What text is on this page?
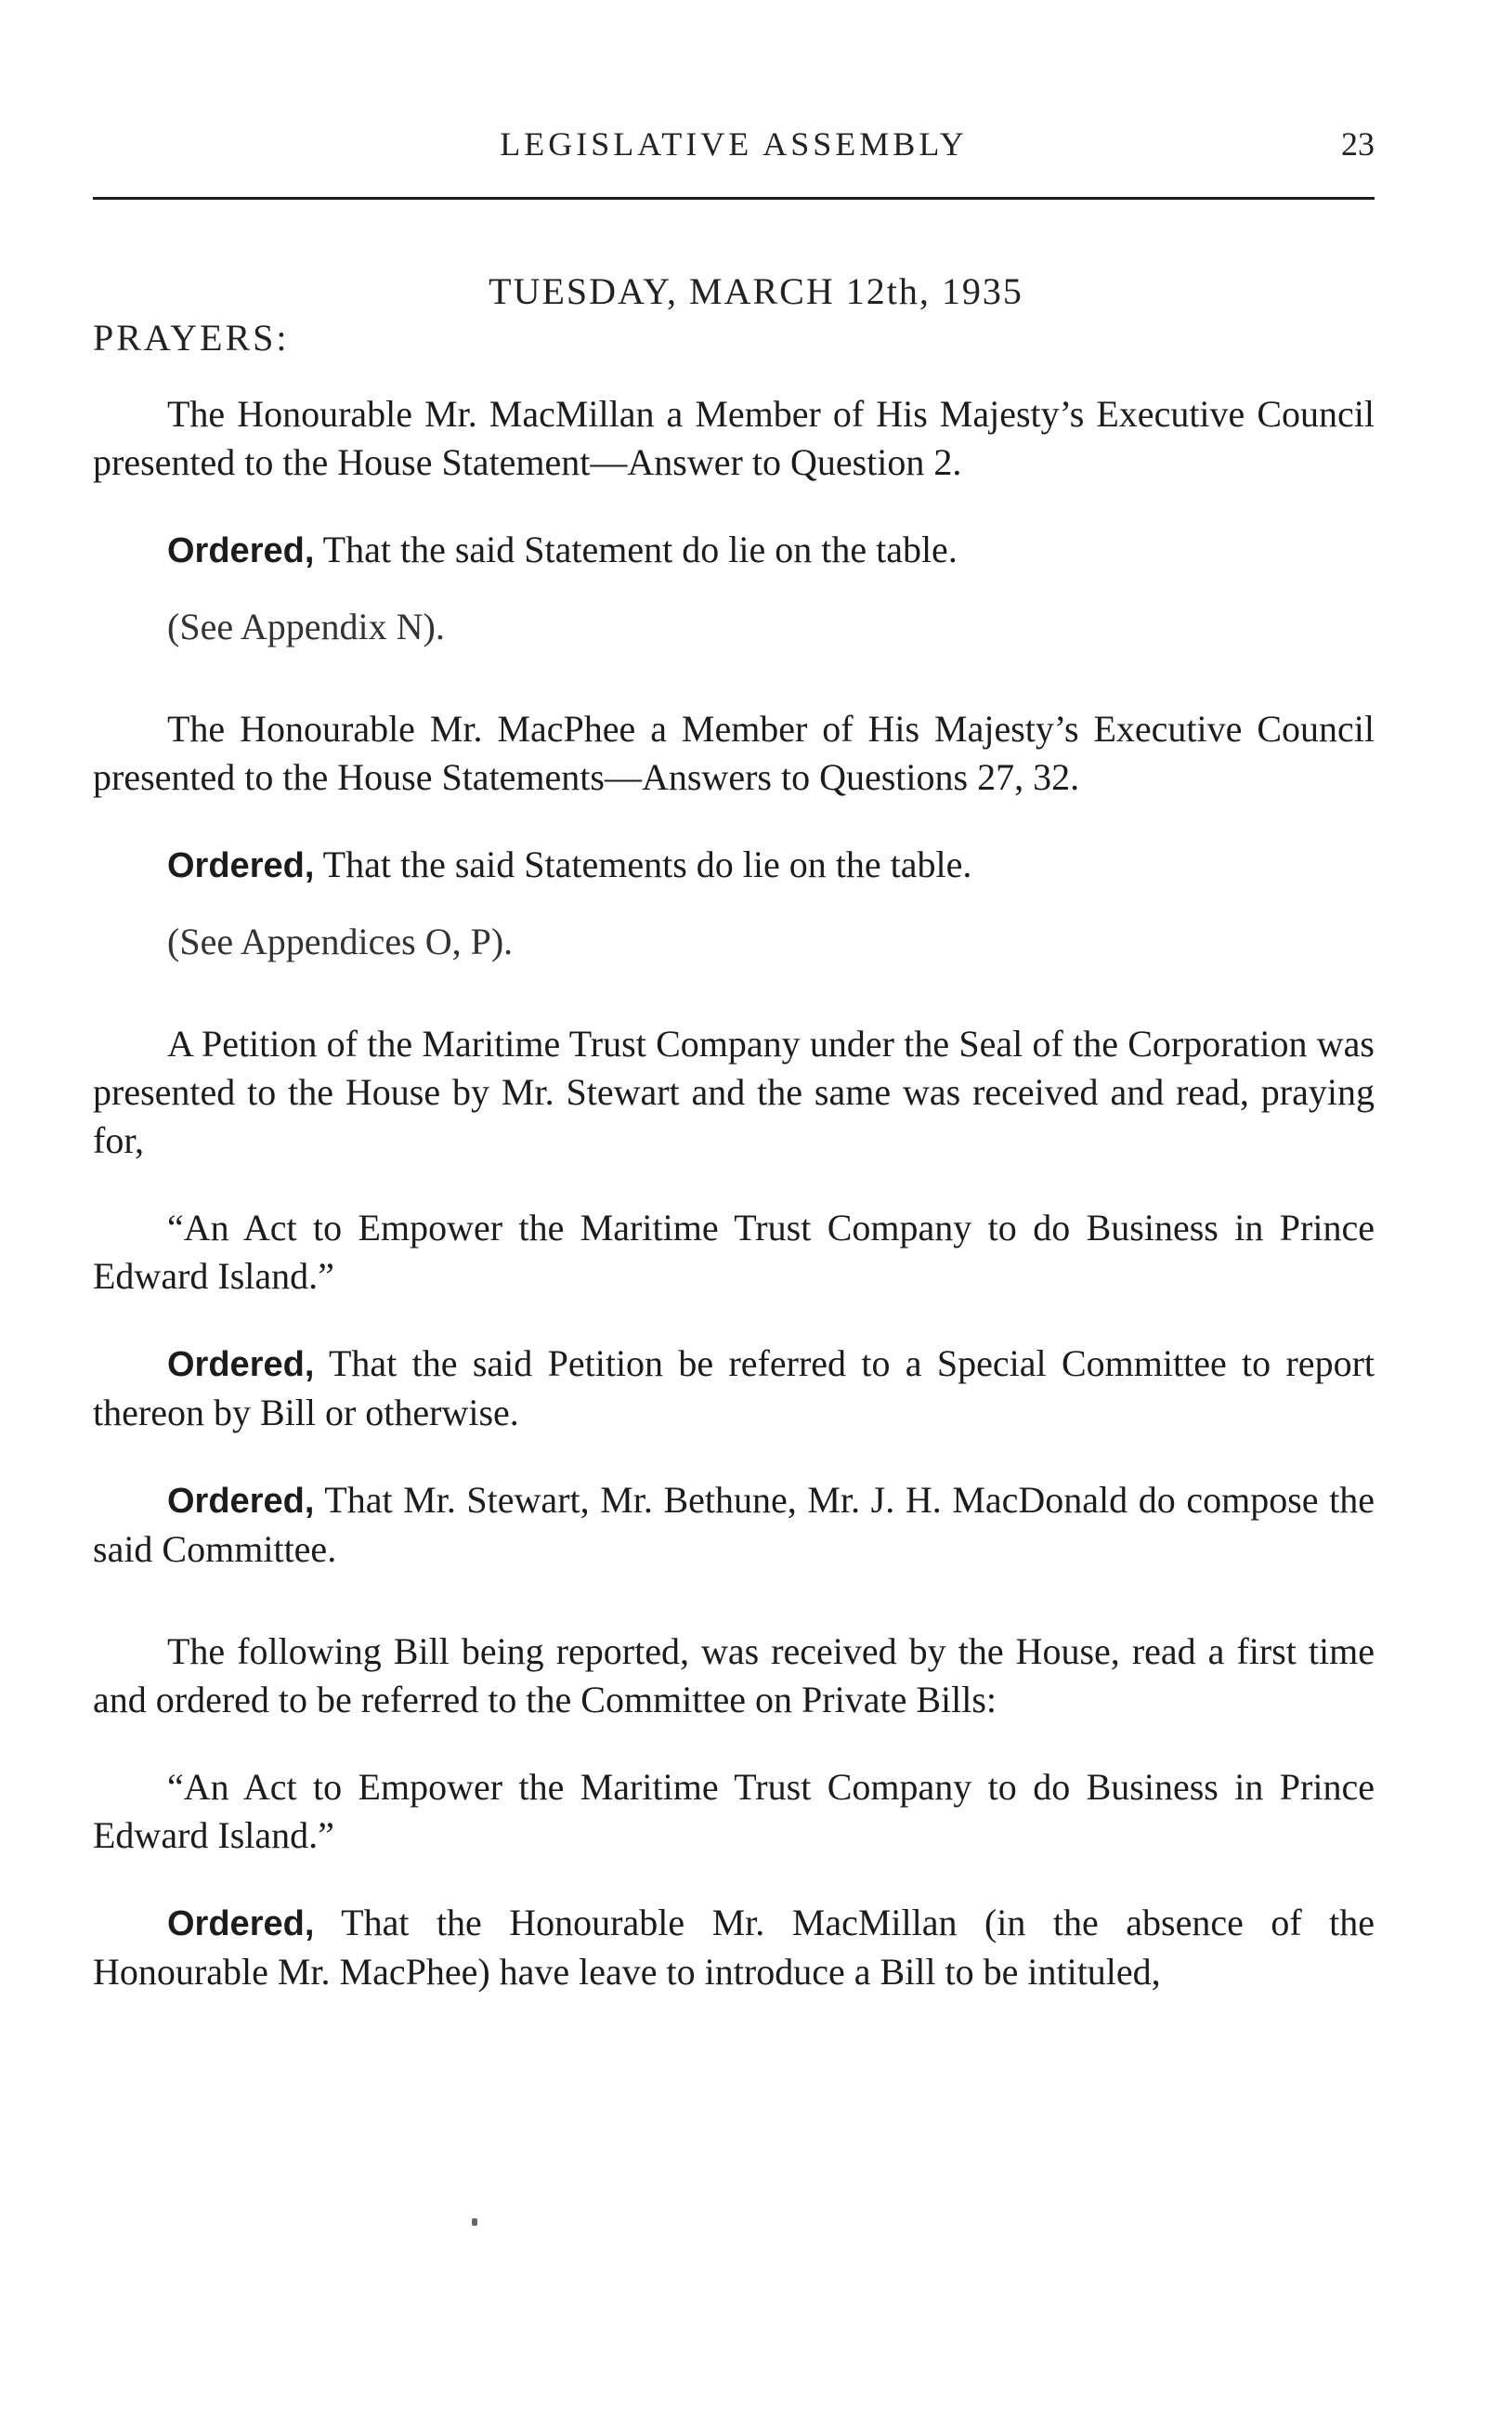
LEGISLATIVE ASSEMBLY	23
TUESDAY, MARCH 12th, 1935
PRAYERS:

The Honourable Mr. MacMillan a Member of His Majesty’s Executive Council presented to the House Statement—Answer to Question 2.

Ordered, That the said Statement do lie on the table.

(See Appendix N).

The Honourable Mr. MacPhee a Member of His Majesty’s Executive Council presented to the House Statements—Answers to Questions 27, 32.

Ordered, That the said Statements do lie on the table.

(See Appendices O, P).

A Petition of the Maritime Trust Company under the Seal of the Corporation was presented to the House by Mr. Stewart and the same was received and read, praying for,

“An Act to Empower the Maritime Trust Company to do Business in Prince Edward Island.”

Ordered, That the said Petition be referred to a Special Committee to report thereon by Bill or otherwise.

Ordered, That Mr. Stewart, Mr. Bethune, Mr. J. H. MacDonald do compose the said Committee.

The following Bill being reported, was received by the House, read a first time and ordered to be referred to the Committee on Private Bills:

“An Act to Empower the Maritime Trust Company to do Business in Prince Edward Island.”

Ordered, That the Honourable Mr. MacMillan (in the absence of the Honourable Mr. MacPhee) have leave to introduce a Bill to be intituled,
